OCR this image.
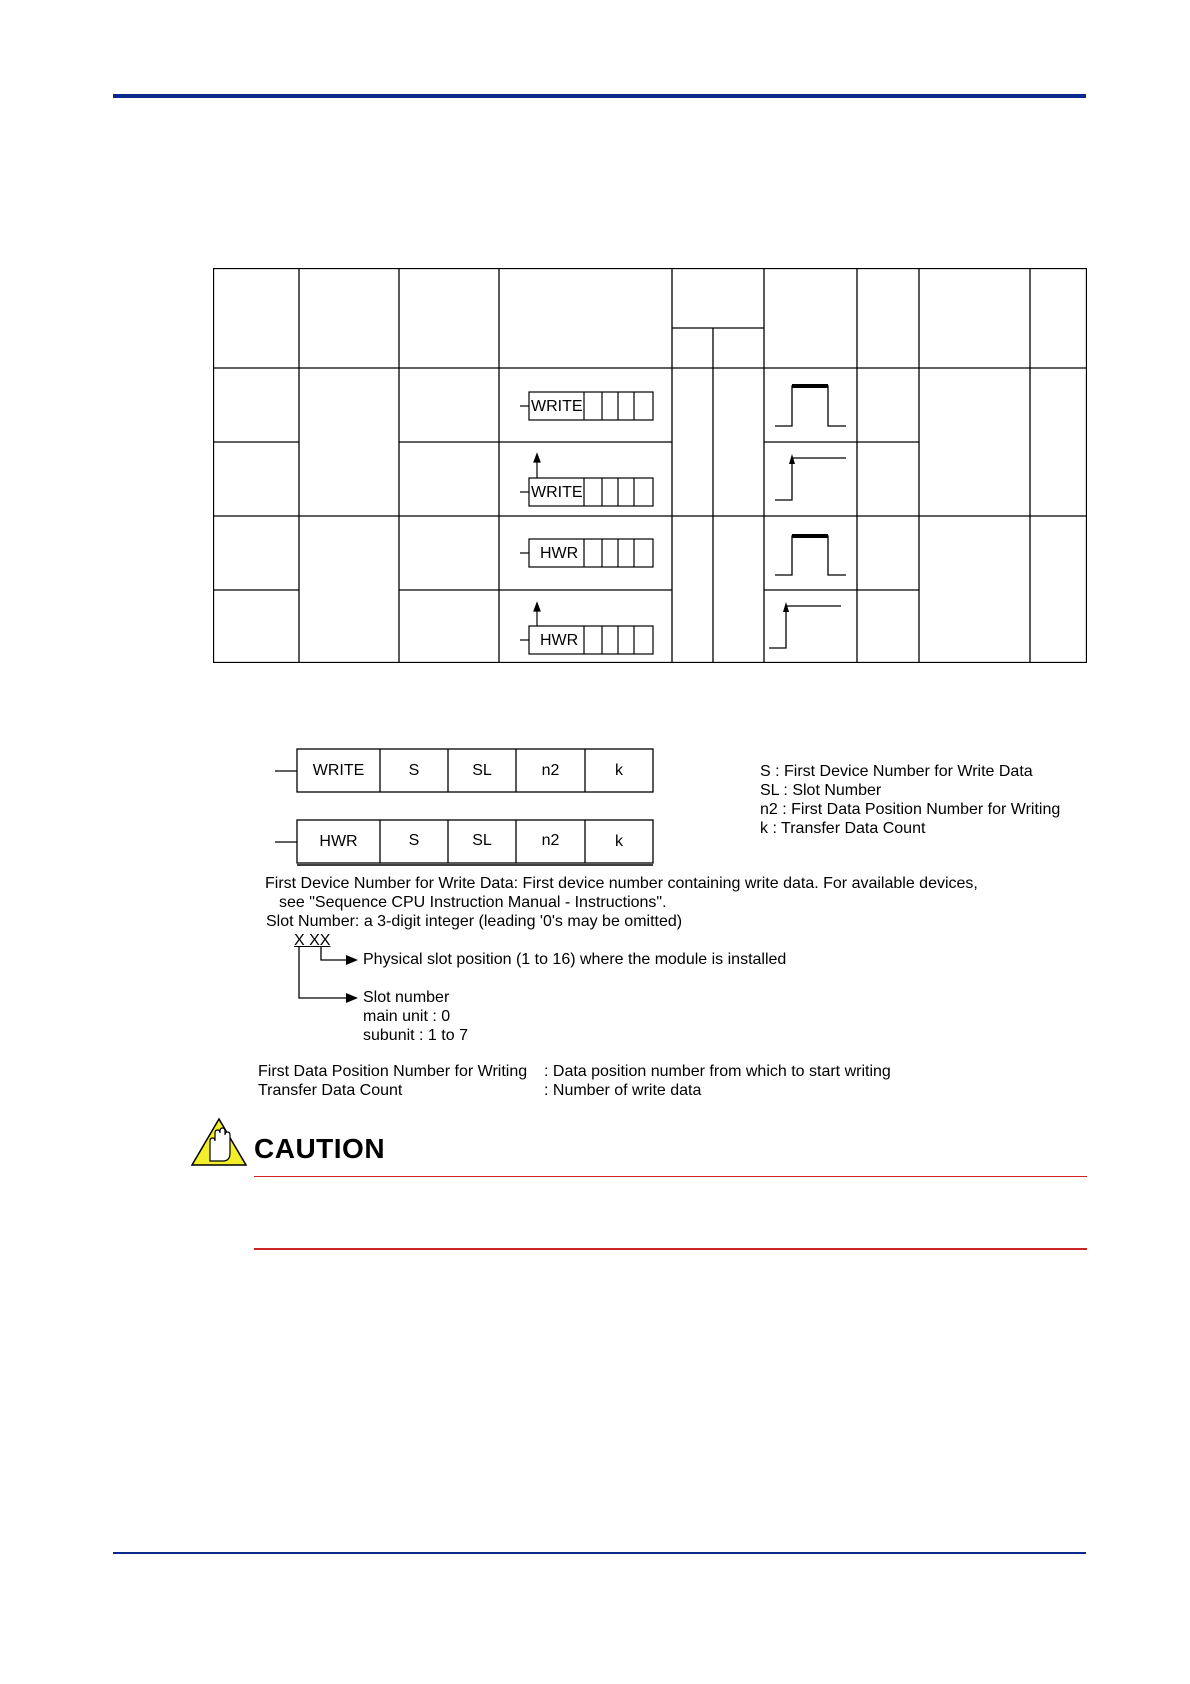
WRITE
WRITE
HWR
HWR
WRITE	S	SL	n2	k
HWR	S	SL	n2	k
S : First Device Number for Write Data
SL : Slot Number
n2 : First Data Position Number for Writing
k : Transfer Data Count
First Device Number for Write Data: First device number containing write data. For available devices,
see "Sequence CPU Instruction Manual - Instructions".
Slot Number: a 3-digit integer (leading '0's may be omitted)
X XX
Physical slot position (1 to 16) where the module is installed
Slot number
main unit : 0
subunit : 1 to 7
First Data Position Number for Writing : Data position number from which to start writing
Transfer Data Count	: Number of write data
CAUTION
